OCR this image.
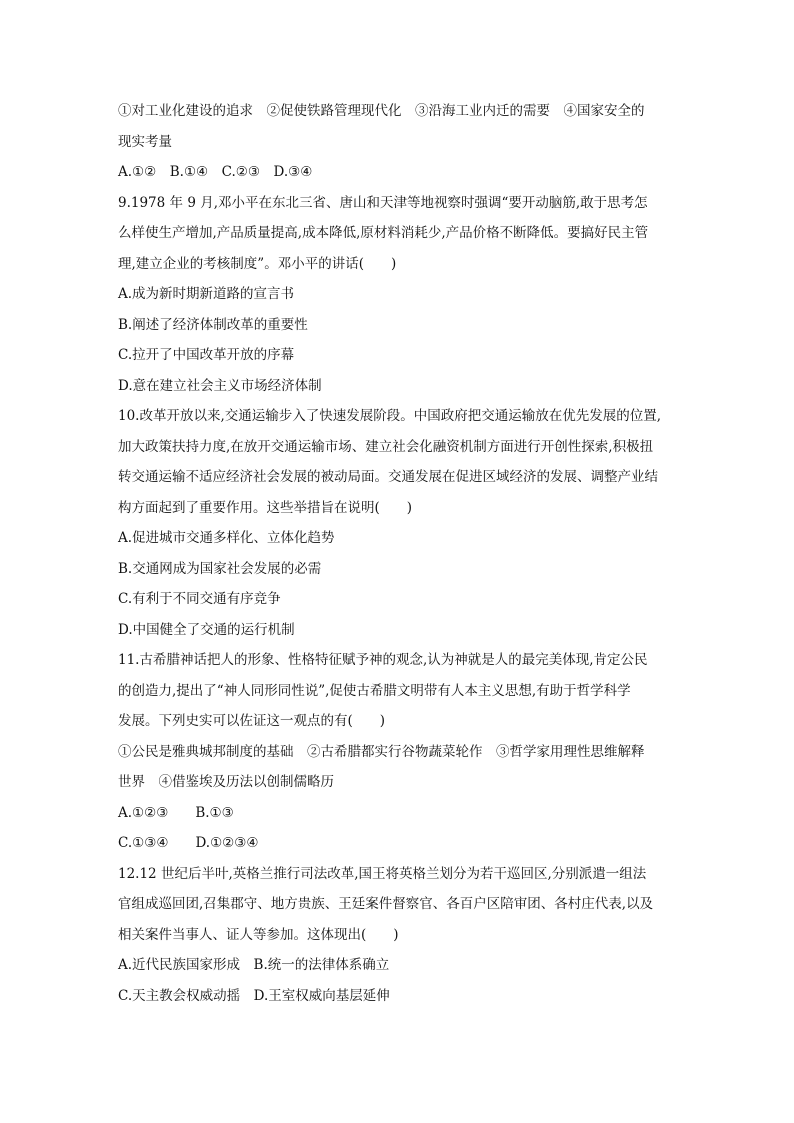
①对工业化建设的追求　②促使铁路管理现代化　③沿海工业内迁的需要　④国家安全的
现实考量
A.①②　B.①④　C.②③　D.③④
9.1978 年 9 月,邓小平在东北三省、唐山和天津等地视察时强调“要开动脑筋,敢于思考怎
么样使生产增加,产品质量提高,成本降低,原材料消耗少,产品价格不断降低。要搞好民主管
理,建立企业的考核制度”。邓小平的讲话(　　)
A.成为新时期新道路的宣言书
B.阐述了经济体制改革的重要性
C.拉开了中国改革开放的序幕
D.意在建立社会主义市场经济体制
10.改革开放以来,交通运输步入了快速发展阶段。中国政府把交通运输放在优先发展的位置,
加大政策扶持力度,在放开交通运输市场、建立社会化融资机制方面进行开创性探索,积极扭
转交通运输不适应经济社会发展的被动局面。交通发展在促进区域经济的发展、调整产业结
构方面起到了重要作用。这些举措旨在说明(　　)
A.促进城市交通多样化、立体化趋势
B.交通网成为国家社会发展的必需
C.有利于不同交通有序竞争
D.中国健全了交通的运行机制
11.古希腊神话把人的形象、性格特征赋予神的观念,认为神就是人的最完美体现,肯定公民
的创造力,提出了“神人同形同性说”,促使古希腊文明带有人本主义思想,有助于哲学科学
发展。下列史实可以佐证这一观点的有(　　)
①公民是雅典城邦制度的基础　②古希腊都实行谷物蔬菜轮作　③哲学家用理性思维解释
世界　④借鉴埃及历法以创制儒略历
A.①②③　　B.①③
C.①③④　　D.①②③④
12.12 世纪后半叶,英格兰推行司法改革,国王将英格兰划分为若干巡回区,分别派遣一组法
官组成巡回团,召集郡守、地方贵族、王廷案件督察官、各百户区陪审团、各村庄代表,以及
相关案件当事人、证人等参加。这体现出(　　)
A.近代民族国家形成　B.统一的法律体系确立
C.天主教会权威动摇　D.王室权威向基层延伸
